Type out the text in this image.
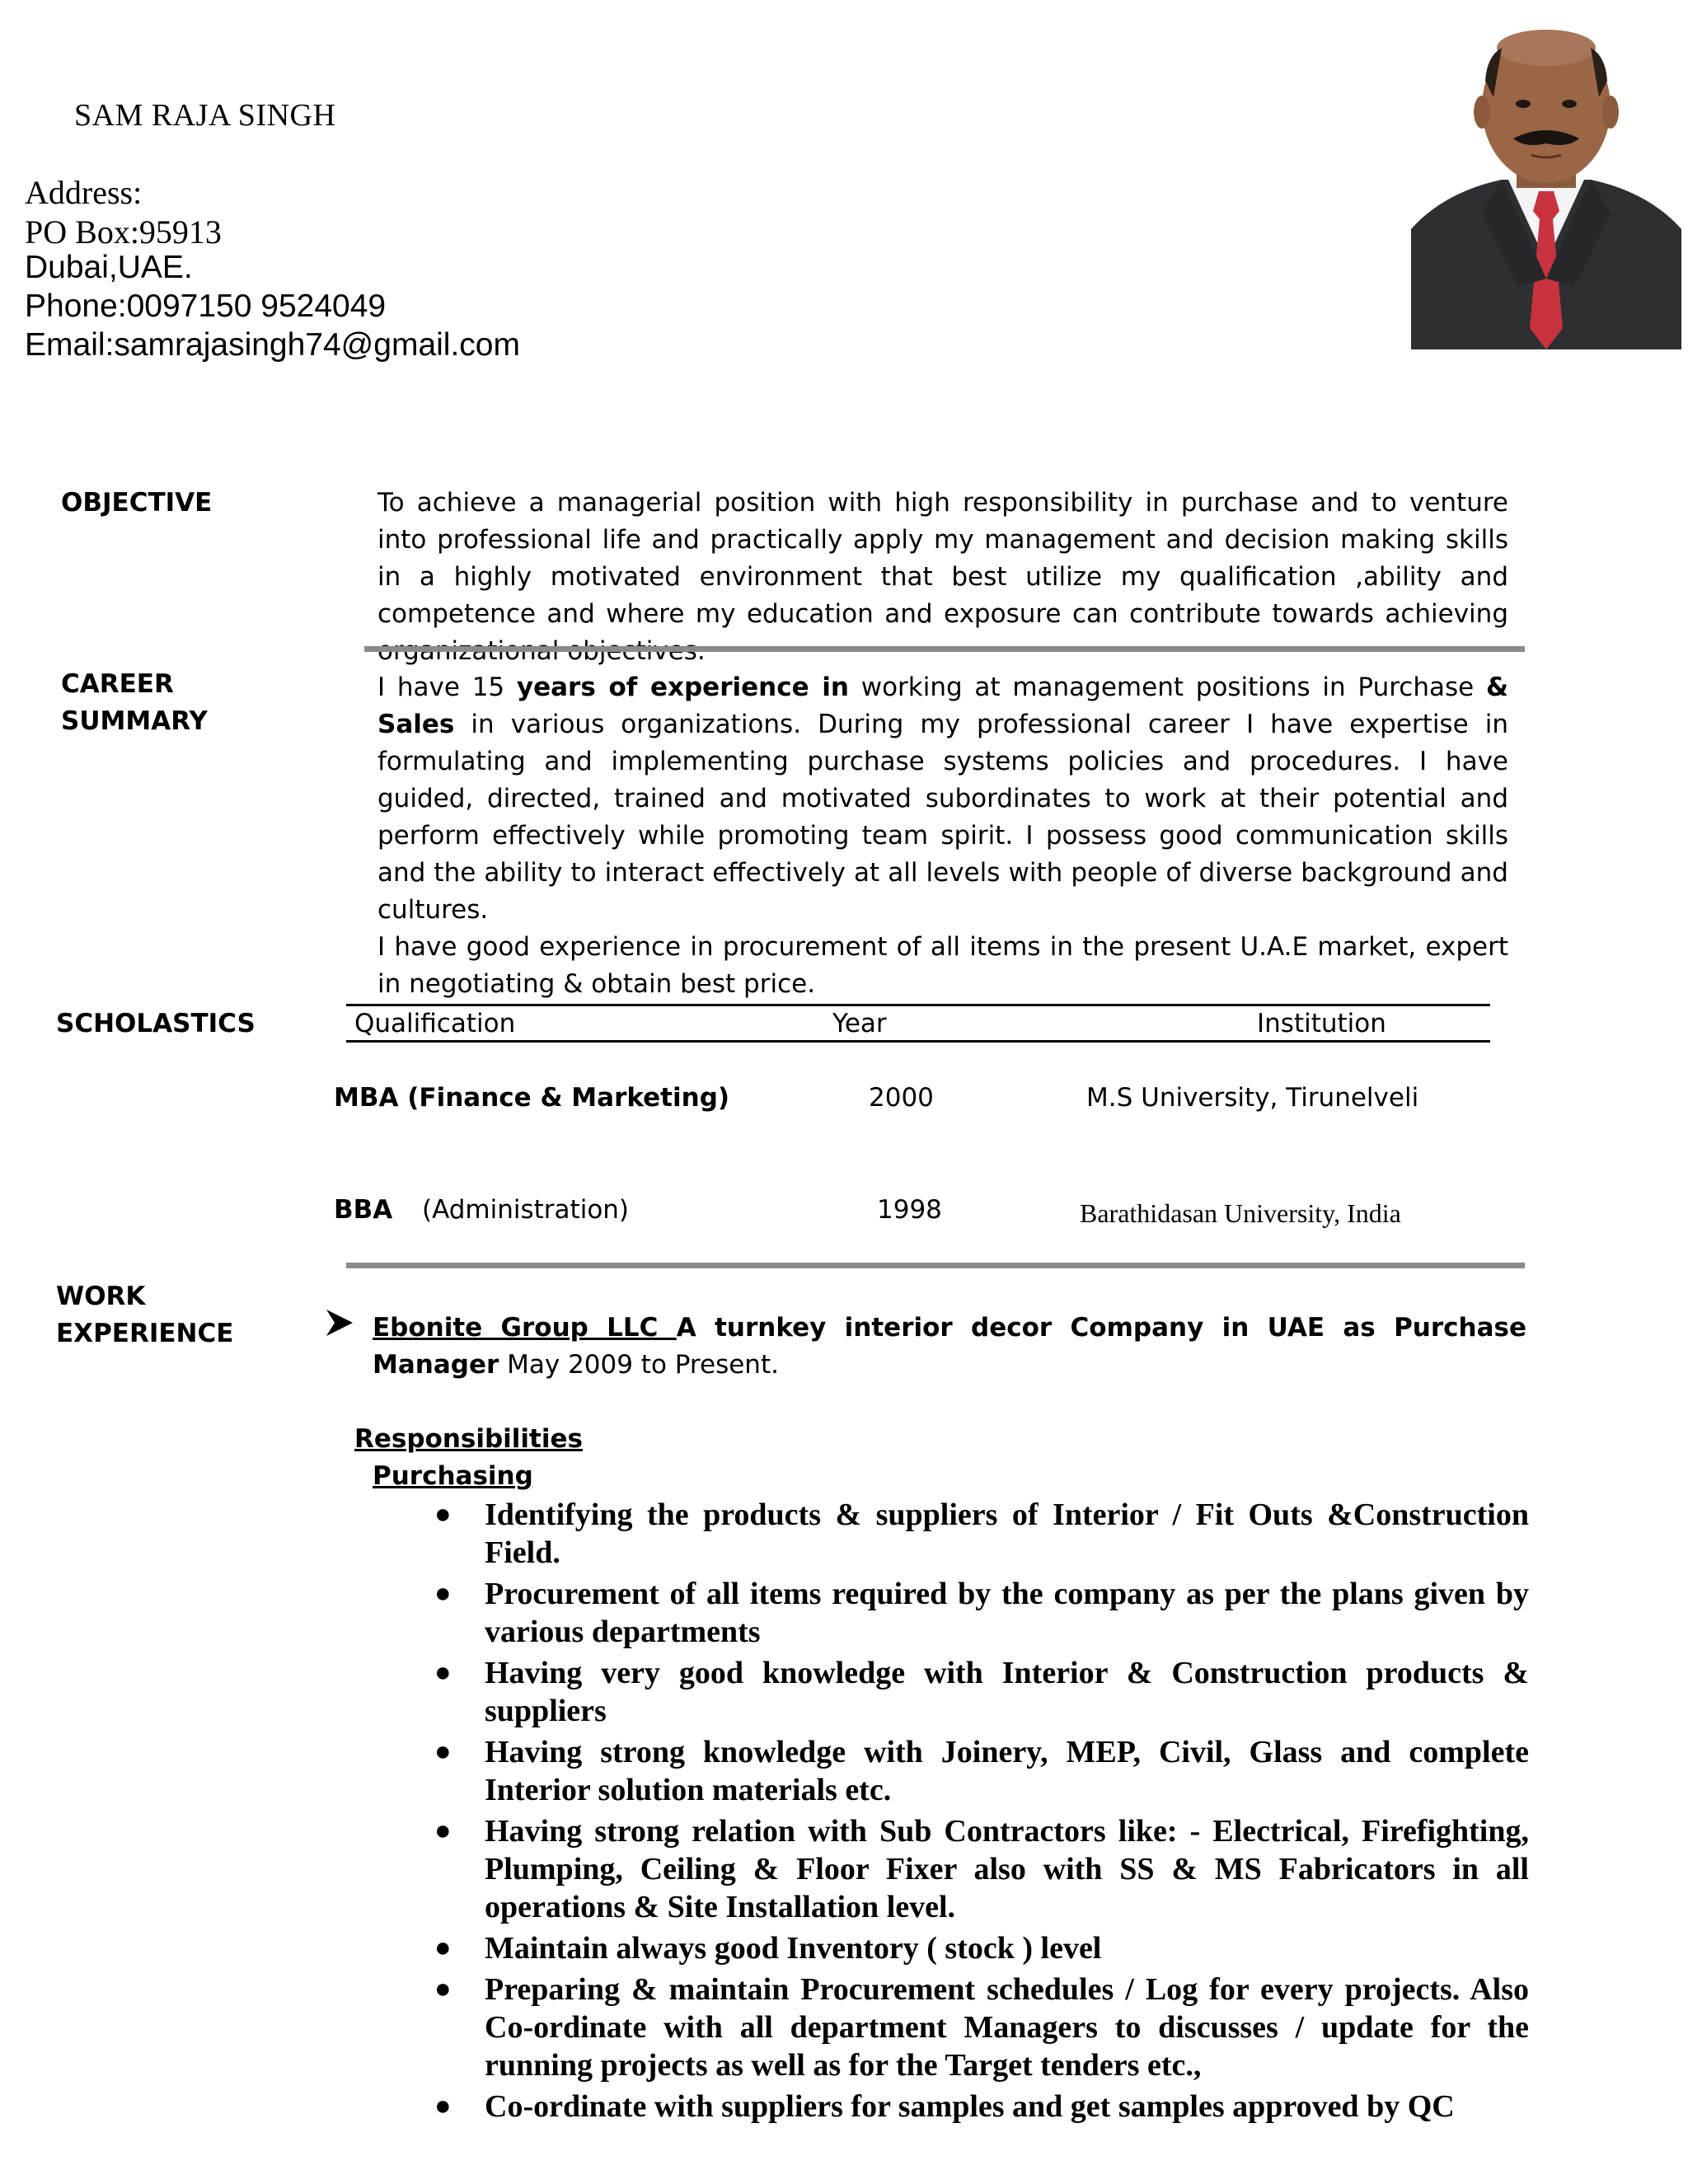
SAM RAJA SINGH
Address:
PO Box:95913
Dubai,UAE.
Phone:0097150 9524049
Email:samrajasingh74@gmail.com
OBJECTIVE	To achieve a managerial position with high responsibility in purchase and to venture into professional life and practically apply my management and decision making skills in a highly motivated environment that best utilize my qualification ,ability and competence and where my education and exposure can contribute towards achieving
CAREER
SUMMARY
I have 15 years of experience in working at management positions in Purchase & Sales in various organizations. During my professional career I have expertise in formulating and implementing purchase systems policies and procedures. I have guided, directed, trained and motivated subordinates to work at their potential and perform effectively while promoting team spirit. I possess good communication skills and the ability to interact effectively at all levels with people of diverse background and cultures.
I have good experience in procurement of all items in the present U.A.E market, expert in negotiating & obtain best price.
SCHOLASTICS	Qualification	Year	Institution
MBA (Finance & Marketing)	2000	M.S University, Tirunelveli
BBA (Administration)	1998	Barathidasan University, India
WORK
EXPERIENCE	Ebonite Group LLC A turnkey interior decor Company in UAE as Purchase Manager May 2009 to Present.
Responsibilities
Purchasing
● Identifying the products & suppliers of Interior / Fit Outs &Construction Field.
● Procurement of all items required by the company as per the plans given by various departments
● Having very good knowledge with Interior & Construction products & suppliers
● Having strong knowledge with Joinery, MEP, Civil, Glass and complete Interior solution materials etc.
● Having strong relation with Sub Contractors like: - Electrical, Firefighting, Plumping, Ceiling & Floor Fixer also with SS & MS Fabricators in all operations & Site Installation level.
● Maintain always good Inventory ( stock ) level
● Preparing & maintain Procurement schedules / Log for every projects. Also Co-ordinate with all department Managers to discusses / update for the running projects as well as for the Target tenders etc.,
● Co-ordinate with suppliers for samples and get samples approved by QC
